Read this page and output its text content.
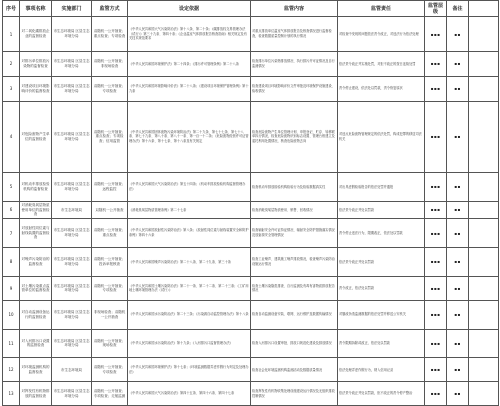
序号	事项名称	实施部门	监管方式	设定依据	监管内容	监管责任	监管层级	备注	
1	对二氧化碳排放企业的监督检查	市生态环境局 区县生态环境分局	双随机一公开抽查；重点检查；专项检查	《中华人民共和国大气污染防治法》第十八条、第二十条；《碳排放权交易管理办法（试行）》第三十九条、第四十条；《企业温室气体排放报告核查指南》相关规定及有关技术规范要求	对重点排放单位温室气体排放报告及核查情况进行监督检查，检查数据质量控制计划的执行情况	对检查中发现的问题依法责令改正，对违法行为依法处理	▪▪▪	▪▪	
2	对排污单位排放污染物的监督检查	市生态环境局 区县生态环境分局	双随机一公开抽查；非现场检查	《中华人民共和国环境保护法》第二十四条；《排污许可管理条例》第二十八条	检查排污单位污染物排放情况、执行排污许可证情况及自行监测情况	依法责令改正并实施处罚，对拒不改正的按日连续处罚	▪▪▪	▪▪	
3	对建设项目环境影响评价的监督检查	市生态环境局 区县生态环境分局	双随机一公开抽查；专项检查	《中华人民共和国环境影响评价法》第二十八条；《建设项目环境保护管理条例》第十九条	检查建设项目环境影响评价文件审批及环境保护设施建设、验收情况	责令停止建设，依法处以罚款，责令恢复原状	▪▪▪	▪▪	
4	对危险废物产生单位的监督检查	市生态环境局 区县生态环境分局	双随机一公开抽查；重点检查；专项检查；信用监管	《中华人民共和国固体废物污染环境防治法》第二十九条、第七十七条、第七十八条、第七十九条、第八十条、第八十一条、第一百一十二条；《危险废物经营许可证管理办法》第十六条、第十七条、第十八条及有关规定	检查危险废物产生单位管理计划、申报登记、贮存、转移联单执行情况，检查危险废物识别标志设置、管理台账建立及委托利用处置情况，核查危险废物去向	对违反危险废物管理规定的依法处罚，构成犯罪的移送司法机关	▪▪▪	▪▪	
5	对机动车排放检验机构的监督检查	市生态环境局 区县生态环境分局	双随机一公开抽查；远程监控	《中华人民共和国大气污染防治法》第五十四条；《机动车排放检验机构监督管理办法》	检查机动车排放检验机构检验行为及检验数据真实性	对出具虚假检验报告的依法处罚并通报	▪▪▪	▪▪	
6	对消耗臭氧层物质使用单位的监督检查	市生态环境局	双随机一公开抽查	《消耗臭氧层物质管理条例》第二十七条	检查消耗臭氧层物质使用、销售、回收情况	依法责令改正并处以罚款	▪▪▪	▪▪	
7	对放射性同位素与射线装置的监督检查	市生态环境局 区县生态环境分局	双随机一公开抽查；重点检查	《中华人民共和国放射性污染防治法》第八条；《放射性同位素与射线装置安全和防护条例》第四十六条	检查辐射安全许可证持证情况、辐射安全防护措施落实情况及放射源安全管理情况	责令停止违法行为，限期改正，依法处以罚款	▪▪▪	▪▪	
8	对噪声污染防治的监督检查	市生态环境局 区县生态环境分局	双随机一公开抽查；投诉举报核查	《中华人民共和国噪声污染防治法》第二十八条、第二十九条、第三十条	检查工业噪声、建筑施工噪声排放情况，检查噪声污染防治设施运行情况	依法责令改正并处以罚款	▪▪▪	▪▪	
9	对土壤污染重点监管单位的监督检查	市生态环境局 区县生态环境分局	双随机一公开抽查；专项检查	《中华人民共和国土壤污染防治法》第二十一条、第二十二条、第二十三条；《工矿用地土壤环境管理办法（试行）》	检查土壤污染隐患排查、自行监测及有毒有害物质排放报告情况	责令改正，依法处以罚款	▪▪▪	▪▪	
10	对自动监测设备运行的监督检查	市生态环境局 区县生态环境分局	非现场检查；双随机一公开抽查	《中华人民共和国水污染防治法》第二十三条；《污染源自动监控管理办法》第十八条	检查自动监测设备安装、联网、运行维护及数据传输情况	对篡改伪造监测数据的依法处罚并移送公安机关	▪▪▪	▪▪	
11	对入河排污口设置的监督检查	市生态环境局 区县生态环境分局	双随机一公开抽查；现场检查	《中华人民共和国水污染防治法》第十九条；《入河排污口监督管理办法》	检查入河排污口设置审批、排放口规范化建设及排放情况	责令限期拆除或改正，依法处以罚款	▪▪▪	▪▪	
12	对环境监测机构的监督检查	市生态环境局	双随机一公开抽查；专项检查	《中华人民共和国环境保护法》第十七条；《环境监测数据弄虚作假行为判定及处理办法》	检查社会化环境监测机构监测活动及数据质量情况	依法处理弄虚作假行为，纳入信用记录	▪▪▪	▪▪	
13	对挥发性有机物排放的监督检查	市生态环境局 区县生态环境分局	双随机一公开抽查；专项检查；走航监测	《中华人民共和国大气污染防治法》第四十五条、第四十六条、第四十七条	检查挥发性有机物收集处理设施建设运行情况及无组织排放控制情况	依法责令改正并处以罚款，拒不改正的责令停产整治	▪▪▪	▪▪	
